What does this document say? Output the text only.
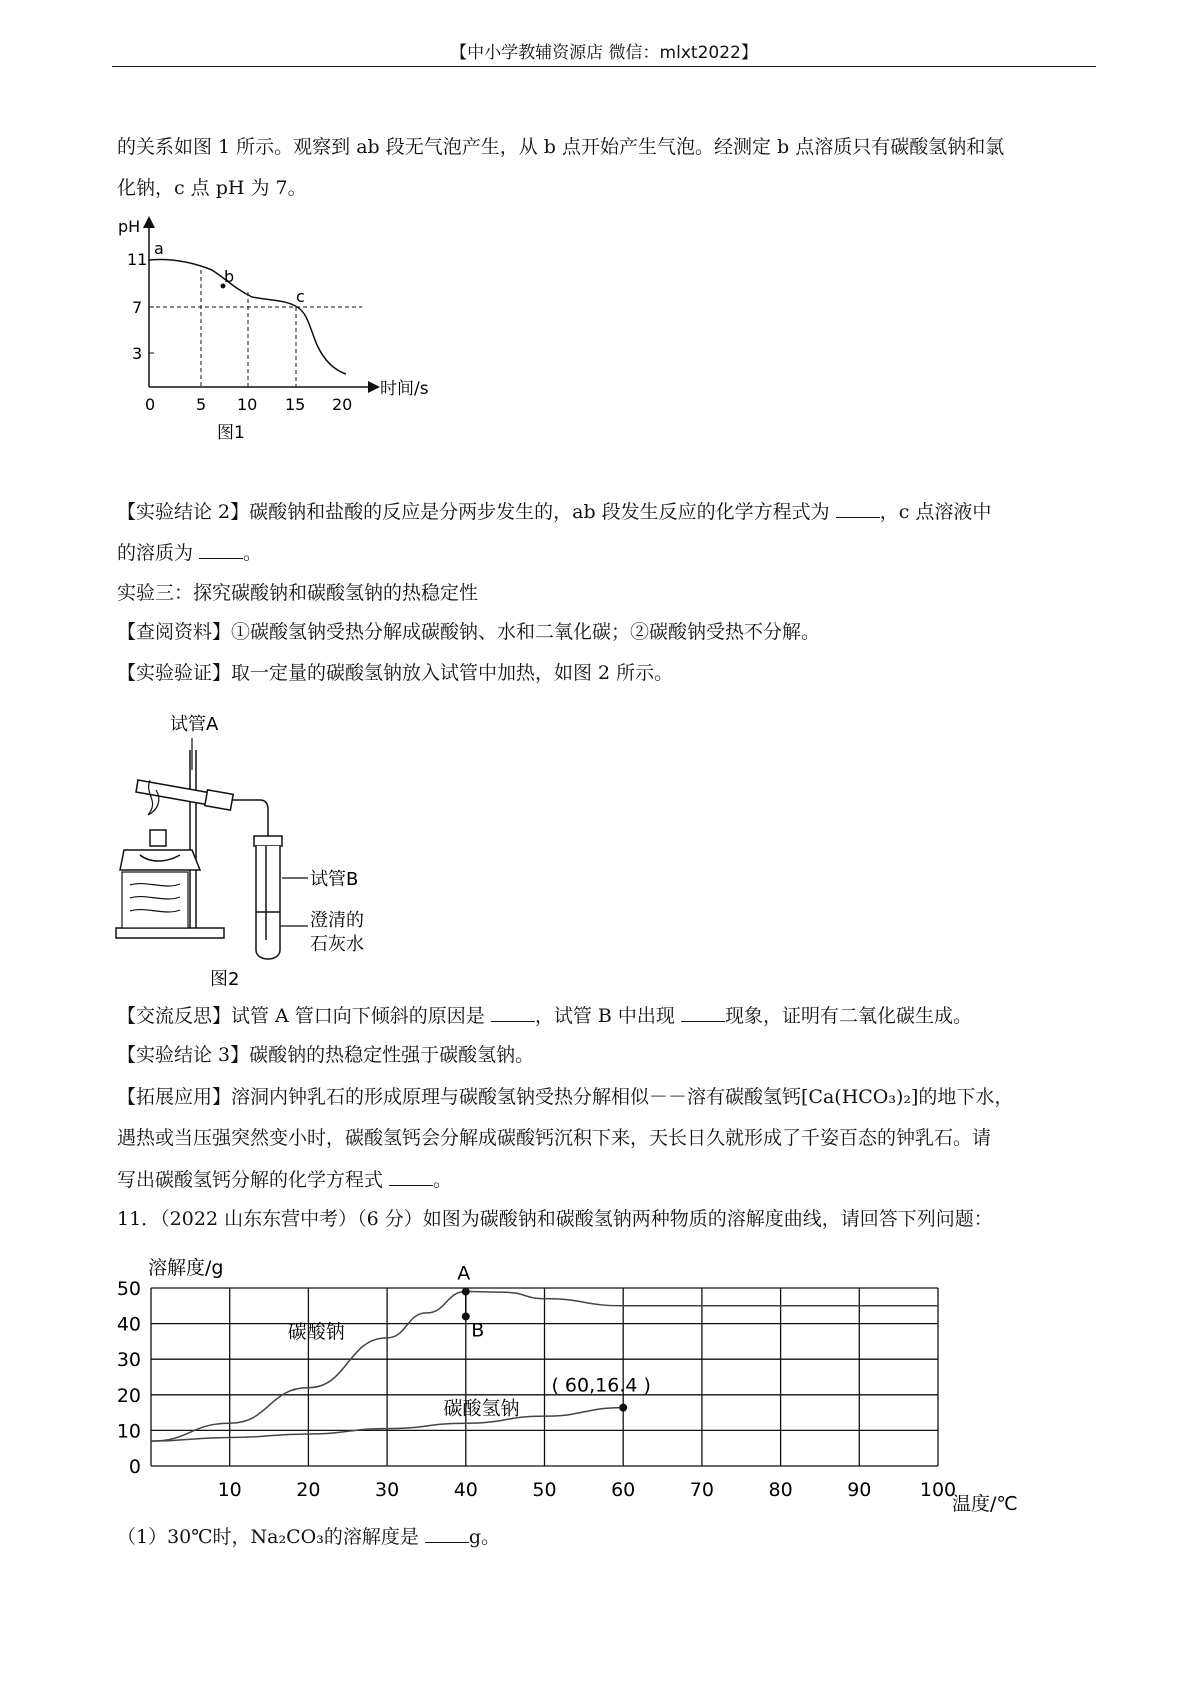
【中小学教辅资源店 微信：mlxt2022】
的关系如图 1 所示。观察到 ab 段无气泡产生，从 b 点开始产生气泡。经测定 b 点溶质只有碳酸氢钠和氯
化钠，c 点 pH 为 7。
pH
时间/s
11
7
3
0	5 10 15 20
a
b
c
图1
【实验结论 2】碳酸钠和盐酸的反应是分两步发生的，ab 段发生反应的化学方程式为 ，c 点溶液中
的溶质为 。
实验三：探究碳酸钠和碳酸氢钠的热稳定性
【查阅资料】①碳酸氢钠受热分解成碳酸钠、水和二氧化碳；②碳酸钠受热不分解。
【实验验证】取一定量的碳酸氢钠放入试管中加热，如图 2 所示。
试管A
试管B
澄清的
石灰水
图2
【交流反思】试管 A 管口向下倾斜的原因是 ，试管 B 中出现 现象，证明有二氧化碳生成。
【实验结论 3】碳酸钠的热稳定性强于碳酸氢钠。
【拓展应用】溶洞内钟乳石的形成原理与碳酸氢钠受热分解相似－－溶有碳酸氢钙[Ca(HCO₃)₂]的地下水，
遇热或当压强突然变小时，碳酸氢钙会分解成碳酸钙沉积下来，天长日久就形成了千姿百态的钟乳石。请
写出碳酸氢钙分解的化学方程式 。
11．（2022 山东东营中考）（6 分）如图为碳酸钠和碳酸氢钠两种物质的溶解度曲线，请回答下列问题：
0
10
20
30
40
50
10	20	30	40	50	60	70	80	90	100
碳酸钠
碳酸氢钠
A
B
( 60,16.4 )
溶解度/g
温度/℃
（1）30℃时，Na₂CO₃的溶解度是 g。
